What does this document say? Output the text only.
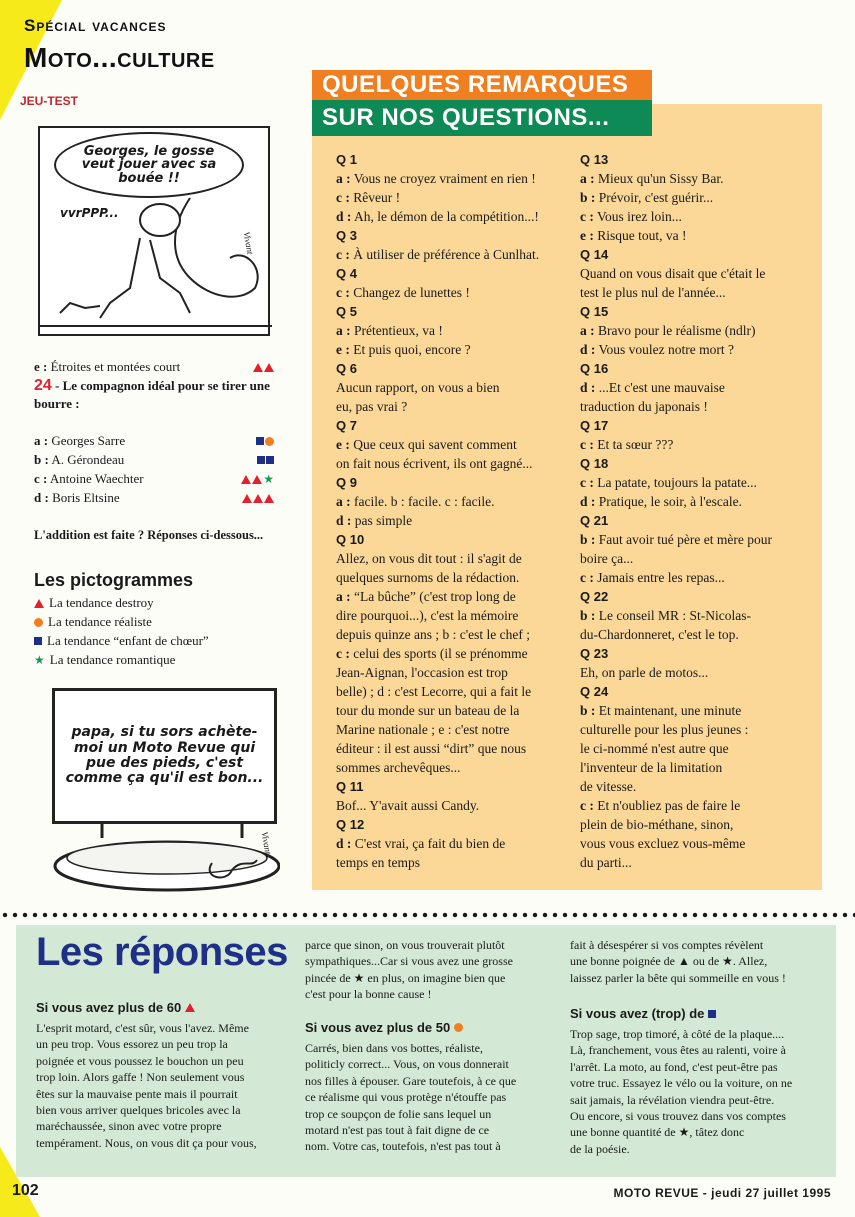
Spécial vacances
Moto...culture
JEU-TEST
Georges, le gosse veut jouer avec sa bouée !!
vvrPPP...
Vivant
e : Étroites et montées court
24 - Le compagnon idéal pour se tirer une bourre :
a : Georges Sarre
b : A. Gérondeau
c : Antoine Waechter	★
d : Boris Eltsine
L'addition est faite ? Réponses ci-dessous...
Les pictogrammes
La tendance destroy
La tendance réaliste
La tendance “enfant de chœur”
★ La tendance romantique
papa, si tu sors achète-moi un Moto Revue qui pue des pieds, c'est comme ça qu'il est bon...
Vivant
QUELQUES REMARQUES
SUR NOS QUESTIONS...
Q 1
a : Vous ne croyez vraiment en rien !
c : Rêveur !
d : Ah, le démon de la compétition...!
Q 3
c : À utiliser de préférence à Cunlhat.
Q 4
c : Changez de lunettes !
Q 5
a : Prétentieux, va !
e : Et puis quoi, encore ?
Q 6
Aucun rapport, on vous a bien
eu, pas vrai ?
Q 7
e : Que ceux qui savent comment
on fait nous écrivent, ils ont gagné...
Q 9
a : facile. b : facile. c : facile.
d : pas simple
Q 10
Allez, on vous dit tout : il s'agit de
quelques surnoms de la rédaction.
a : “La bûche” (c'est trop long de
dire pourquoi...), c'est la mémoire
depuis quinze ans ; b : c'est le chef ;
c : celui des sports (il se prénomme
Jean-Aignan, l'occasion est trop
belle) ; d : c'est Lecorre, qui a fait le
tour du monde sur un bateau de la
Marine nationale ; e : c'est notre
éditeur : il est aussi “dirt” que nous
sommes archevêques...
Q 11
Bof... Y'avait aussi Candy.
Q 12
d : C'est vrai, ça fait du bien de
temps en temps
Q 13
a : Mieux qu'un Sissy Bar.
b : Prévoir, c'est guérir...
c : Vous irez loin...
e : Risque tout, va !
Q 14
Quand on vous disait que c'était le
test le plus nul de l'année...
Q 15
a : Bravo pour le réalisme (ndlr)
d : Vous voulez notre mort ?
Q 16
d : ...Et c'est une mauvaise
traduction du japonais !
Q 17
c : Et ta sœur ???
Q 18
c : La patate, toujours la patate...
d : Pratique, le soir, à l'escale.
Q 21
b : Faut avoir tué père et mère pour
boire ça...
c : Jamais entre les repas...
Q 22
b : Le conseil MR : St-Nicolas-
du-Chardonneret, c'est le top.
Q 23
Eh, on parle de motos...
Q 24
b : Et maintenant, une minute
culturelle pour les plus jeunes :
le ci-nommé n'est autre que
l'inventeur de la limitation
de vitesse.
c : Et n'oubliez pas de faire le
plein de bio-méthane, sinon,
vous vous excluez vous-même
du parti...
Les réponses
Si vous avez plus de 60
L'esprit motard, c'est sûr, vous l'avez. Même
un peu trop. Vous essorez un peu trop la
poignée et vous poussez le bouchon un peu
trop loin. Alors gaffe ! Non seulement vous
êtes sur la mauvaise pente mais il pourrait
bien vous arriver quelques bricoles avec la
maréchaussée, sinon avec votre propre
tempérament. Nous, on vous dit ça pour vous,
parce que sinon, on vous trouverait plutôt
sympathiques...Car si vous avez une grosse
pincée de ★ en plus, on imagine bien que
c'est pour la bonne cause !
Si vous avez plus de 50
Carrés, bien dans vos bottes, réaliste,
politicly correct... Vous, on vous donnerait
nos filles à épouser. Gare toutefois, à ce que
ce réalisme qui vous protège n'étouffe pas
trop ce soupçon de folie sans lequel un
motard n'est pas tout à fait digne de ce
nom. Votre cas, toutefois, n'est pas tout à
fait à désespérer si vos comptes révèlent
une bonne poignée de ▲ ou de ★. Allez,
laissez parler la bête qui sommeille en vous !
Si vous avez (trop) de
Trop sage, trop timoré, à côté de la plaque....
Là, franchement, vous êtes au ralenti, voire à
l'arrêt. La moto, au fond, c'est peut-être pas
votre truc. Essayez le vélo ou la voiture, on ne
sait jamais, la révélation viendra peut-être.
Ou encore, si vous trouvez dans vos comptes
une bonne quantité de ★, tâtez donc
de la poésie.
102	MOTO REVUE - jeudi 27 juillet 1995
